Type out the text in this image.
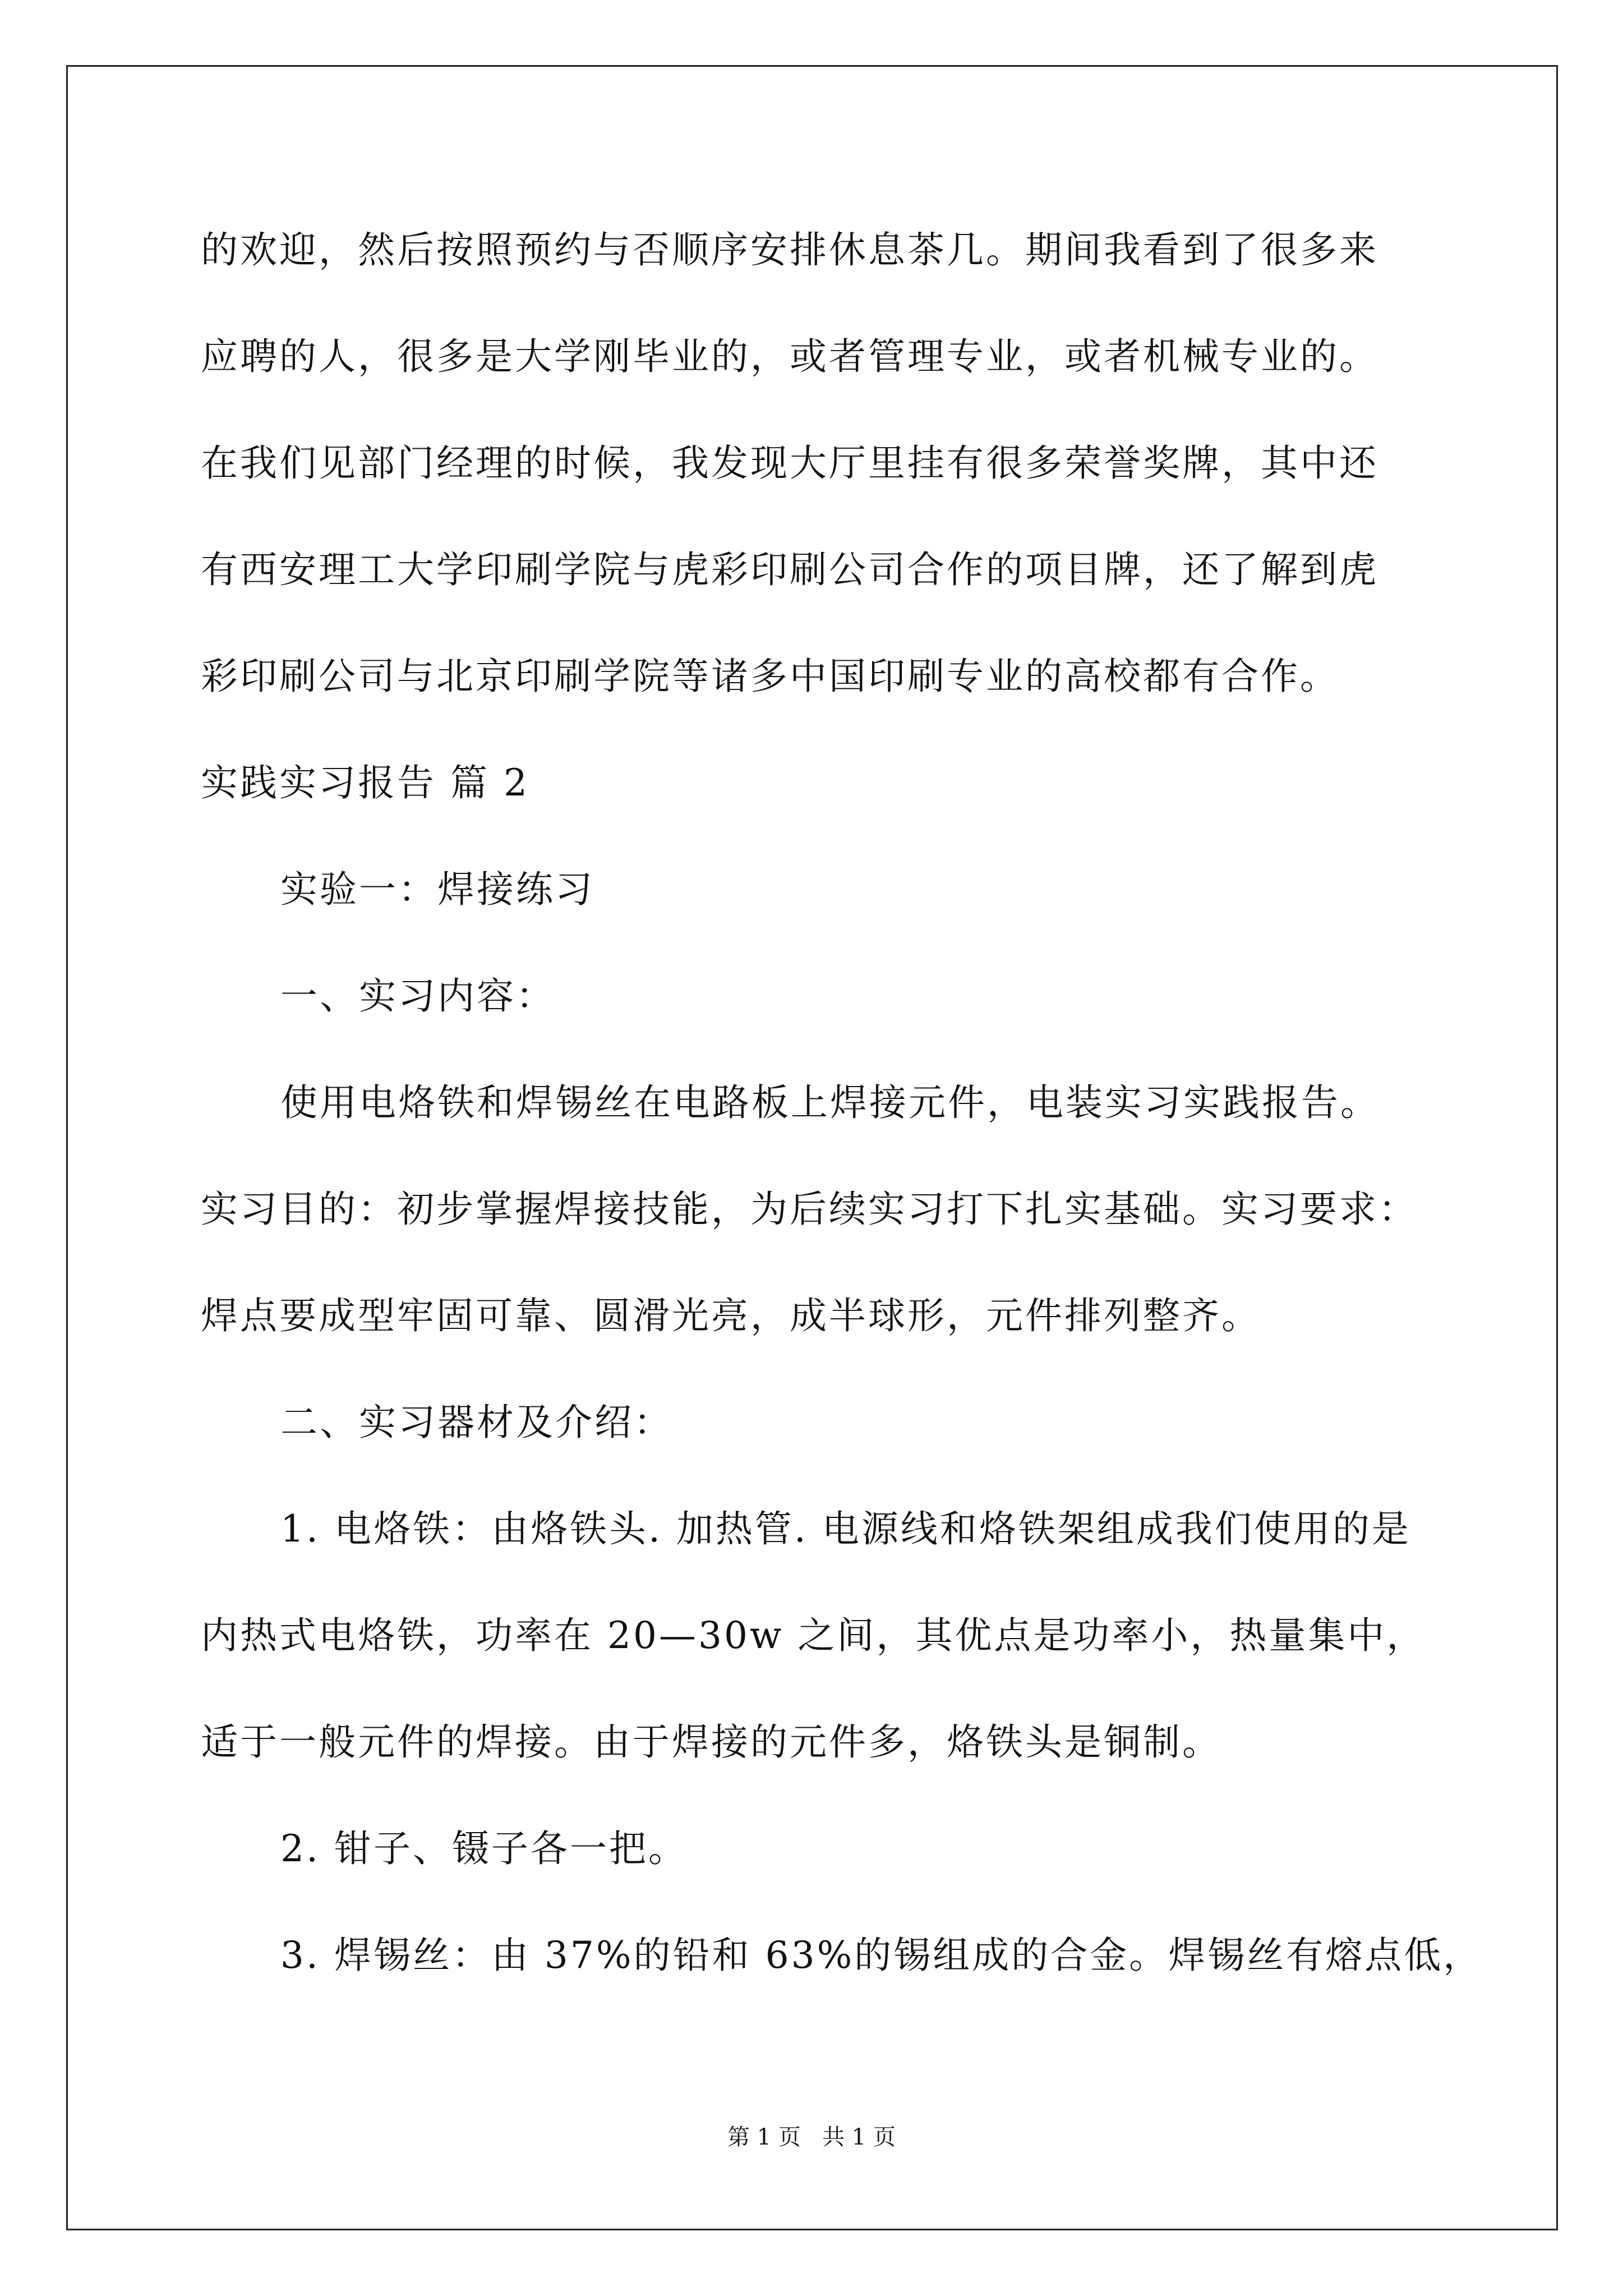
的欢迎，然后按照预约与否顺序安排休息茶几。期间我看到了很多来
应聘的人，很多是大学刚毕业的，或者管理专业，或者机械专业的。
在我们见部门经理的时候，我发现大厅里挂有很多荣誉奖牌，其中还
有西安理工大学印刷学院与虎彩印刷公司合作的项目牌，还了解到虎
彩印刷公司与北京印刷学院等诸多中国印刷专业的高校都有合作。
实践实习报告 篇 2
实验一：焊接练习
一、实习内容：
使用电烙铁和焊锡丝在电路板上焊接元件，电装实习实践报告。
实习目的：初步掌握焊接技能，为后续实习打下扎实基础。实习要求：
焊点要成型牢固可靠、圆滑光亮，成半球形，元件排列整齐。
二、实习器材及介绍：
1. 电烙铁：由烙铁头. 加热管. 电源线和烙铁架组成我们使用的是
内热式电烙铁，功率在 20—30w 之间，其优点是功率小，热量集中，
适于一般元件的焊接。由于焊接的元件多，烙铁头是铜制。
2. 钳子、镊子各一把。
3. 焊锡丝：由 37%的铅和 63%的锡组成的合金。焊锡丝有熔点低，
第 1 页   共 1 页
